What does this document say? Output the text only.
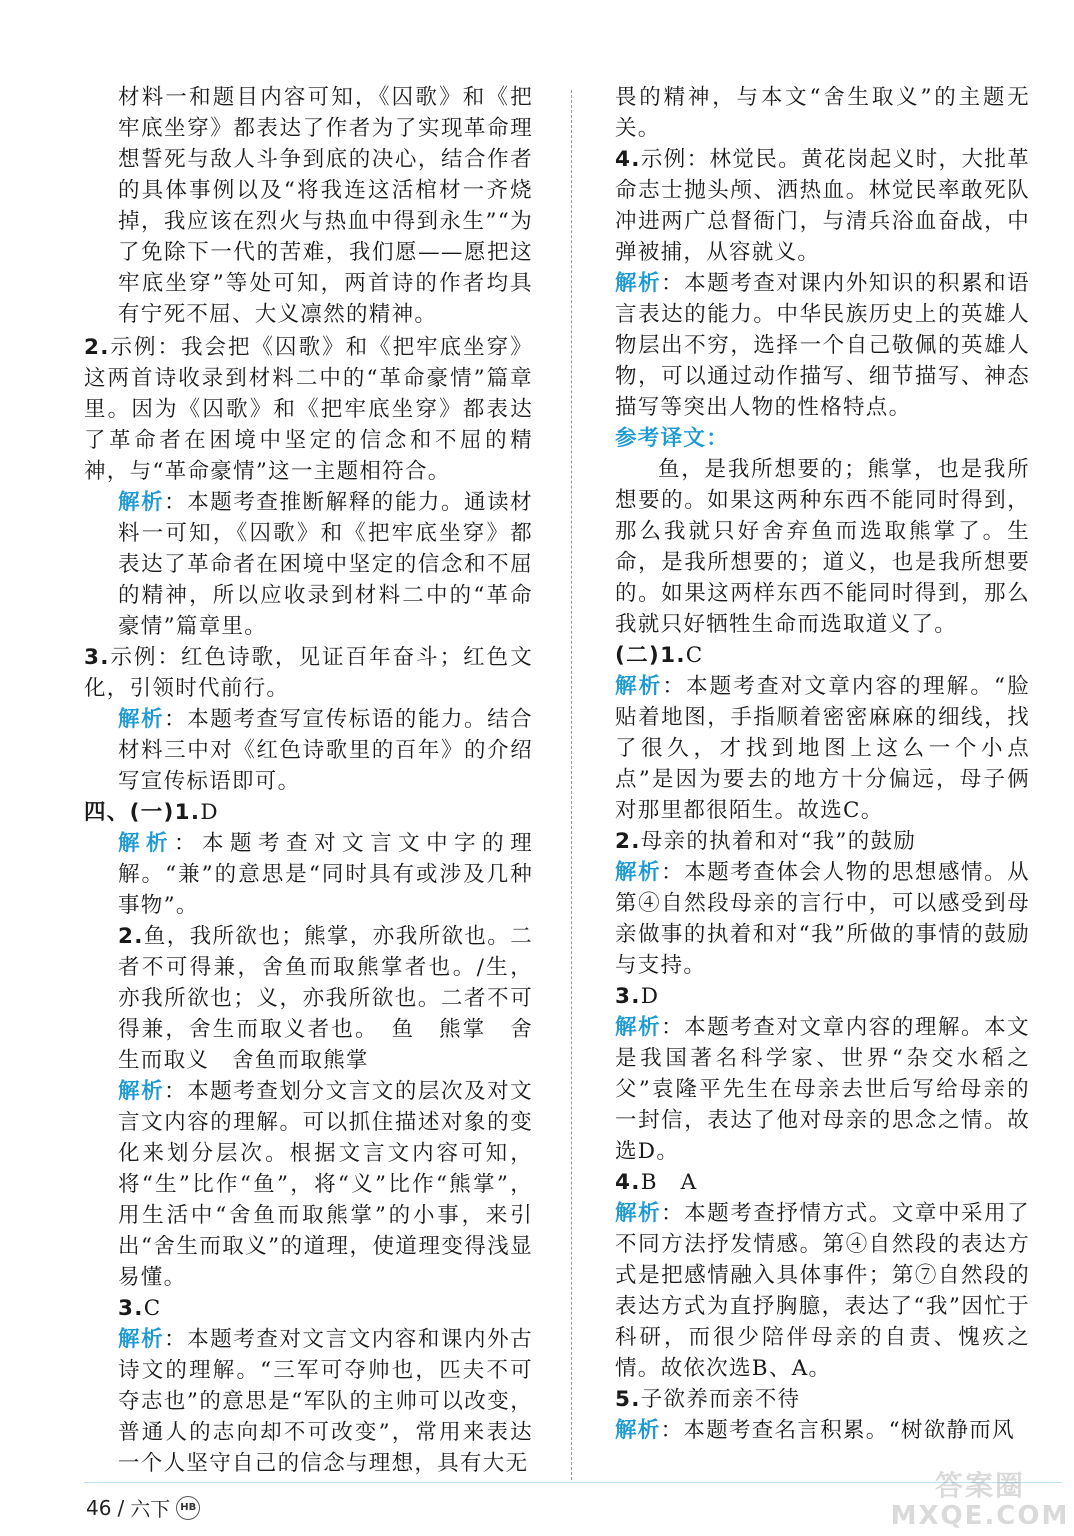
材料一和题目内容可知，《囚歌》和《把牢底坐穿》都表达了作者为了实现革命理想誓死与敌人斗争到底的决心，结合作者的具体事例以及“将我连这活棺材一齐烧掉，我应该在烈火与热血中得到永生”“为了免除下一代的苦难，我们愿——愿把这牢底坐穿”等处可知，两首诗的作者均具有宁死不屈、大义凛然的精神。

2.示例：我会把《囚歌》和《把牢底坐穿》这两首诗收录到材料二中的“革命豪情”篇章里。因为《囚歌》和《把牢底坐穿》都表达了革命者在困境中坚定的信念和不屈的精神，与“革命豪情”这一主题相符合。

解析：本题考查推断解释的能力。通读材料一可知，《囚歌》和《把牢底坐穿》都表达了革命者在困境中坚定的信念和不屈的精神，所以应收录到材料二中的“革命豪情”篇章里。

3.示例：红色诗歌，见证百年奋斗；红色文化，引领时代前行。

解析：本题考查写宣传标语的能力。结合材料三中对《红色诗歌里的百年》的介绍写宣传标语即可。

四、(一)1.D

解析：本题考查对文言文中字的理解。“兼”的意思是“同时具有或涉及几种事物”。

2.鱼，我所欲也；熊掌，亦我所欲也。二者不可得兼，舍鱼而取熊掌者也。/生，亦我所欲也；义，亦我所欲也。二者不可得兼，舍生而取义者也。　鱼　熊掌　舍生而取义　舍鱼而取熊掌

解析：本题考查划分文言文的层次及对文言文内容的理解。可以抓住描述对象的变化来划分层次。根据文言文内容可知，将“生”比作“鱼”，将“义”比作“熊掌”，用生活中“舍鱼而取熊掌”的小事，来引出“舍生而取义”的道理，使道理变得浅显易懂。

3.C

解析：本题考查对文言文内容和课内外古诗文的理解。“三军可夺帅也，匹夫不可夺志也”的意思是“军队的主帅可以改变，普通人的志向却不可改变”，常用来表达一个人坚守自己的信念与理想，具有大无

畏的精神，与本文“舍生取义”的主题无关。

4.示例：林觉民。黄花岗起义时，大批革命志士抛头颅、洒热血。林觉民率敢死队冲进两广总督衙门，与清兵浴血奋战，中弹被捕，从容就义。

解析：本题考查对课内外知识的积累和语言表达的能力。中华民族历史上的英雄人物层出不穷，选择一个自己敬佩的英雄人物，可以通过动作描写、细节描写、神态描写等突出人物的性格特点。

参考译文：

鱼，是我所想要的；熊掌，也是我所想要的。如果这两种东西不能同时得到，那么我就只好舍弃鱼而选取熊掌了。生命，是我所想要的；道义，也是我所想要的。如果这两样东西不能同时得到，那么我就只好牺牲生命而选取道义了。

(二)1.C

解析：本题考查对文章内容的理解。“脸贴着地图，手指顺着密密麻麻的细线，找了很久，才找到地图上这么一个小点点”是因为要去的地方十分偏远，母子俩对那里都很陌生。故选C。

2.母亲的执着和对“我”的鼓励

解析：本题考查体会人物的思想感情。从第④自然段母亲的言行中，可以感受到母亲做事的执着和对“我”所做的事情的鼓励与支持。

3.D

解析：本题考查对文章内容的理解。本文是我国著名科学家、世界“杂交水稻之父”袁隆平先生在母亲去世后写给母亲的一封信，表达了他对母亲的思念之情。故选D。

4.B　A

解析：本题考查抒情方式。文章中采用了不同方法抒发情感。第④自然段的表达方式是把感情融入具体事件；第⑦自然段的表达方式为直抒胸臆，表达了“我”因忙于科研，而很少陪伴母亲的自责、愧疚之情。故依次选B、A。

5.子欲养而亲不待

解析：本题考查名言积累。“树欲静而风

46 / 六下	HB
答案圈
MXQE.COM
